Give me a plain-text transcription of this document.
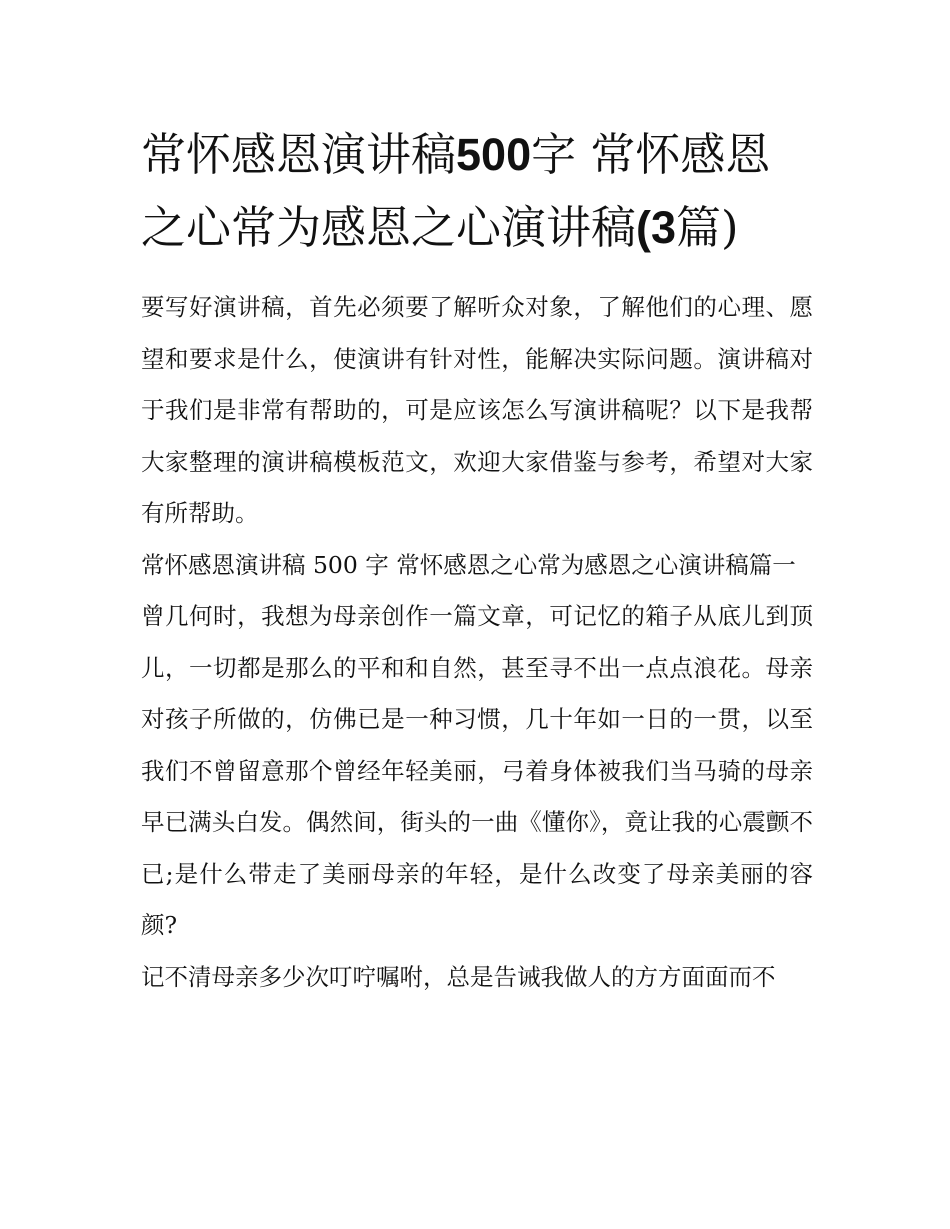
常怀感恩演讲稿500字 常怀感恩之心常为感恩之心演讲稿(3篇)

要写好演讲稿，首先必须要了解听众对象，了解他们的心理、愿望和要求是什么，使演讲有针对性，能解决实际问题。演讲稿对于我们是非常有帮助的，可是应该怎么写演讲稿呢？以下是我帮大家整理的演讲稿模板范文，欢迎大家借鉴与参考，希望对大家有所帮助。

常怀感恩演讲稿 500 字 常怀感恩之心常为感恩之心演讲稿篇一

曾几何时，我想为母亲创作一篇文章，可记忆的箱子从底儿到顶儿，一切都是那么的平和和自然，甚至寻不出一点点浪花。母亲对孩子所做的，仿佛已是一种习惯，几十年如一日的一贯，以至我们不曾留意那个曾经年轻美丽，弓着身体被我们当马骑的母亲早已满头白发。偶然间，街头的一曲《懂你》，竟让我的心震颤不已;是什么带走了美丽母亲的年轻，是什么改变了母亲美丽的容颜?

记不清母亲多少次叮咛嘱咐，总是告诫我做人的方方面面而不
